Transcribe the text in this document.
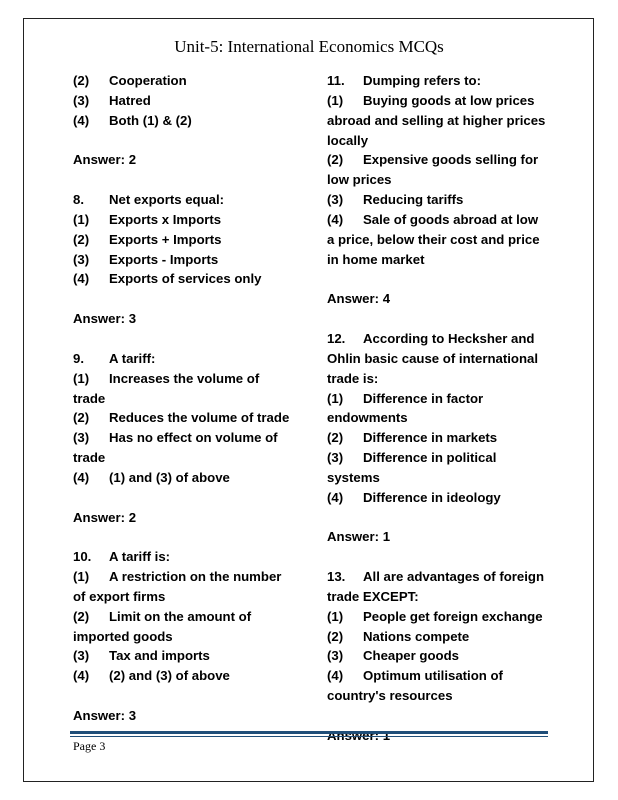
Unit-5: International Economics MCQs
(2) Cooperation
(3) Hatred
(4) Both (1) & (2)
Answer: 2
8. Net exports equal:
(1) Exports x Imports
(2) Exports + Imports
(3) Exports - Imports
(4) Exports of services only
Answer: 3
9. A tariff:
(1) Increases the volume of trade
(2) Reduces the volume of trade
(3) Has no effect on volume of trade
(4) (1) and (3) of above
Answer: 2
10. A tariff is:
(1) A restriction on the number of export firms
(2) Limit on the amount of imported goods
(3) Tax and imports
(4) (2) and (3) of above
Answer: 3
11. Dumping refers to:
(1) Buying goods at low prices abroad and selling at higher prices locally
(2) Expensive goods selling for low prices
(3) Reducing tariffs
(4) Sale of goods abroad at low a price, below their cost and price in home market
Answer: 4
12. According to Hecksher and Ohlin basic cause of international trade is:
(1) Difference in factor endowments
(2) Difference in markets
(3) Difference in political systems
(4) Difference in ideology
Answer: 1
13. All are advantages of foreign trade EXCEPT:
(1) People get foreign exchange
(2) Nations compete
(3) Cheaper goods
(4) Optimum utilisation of country's resources
Page 3
